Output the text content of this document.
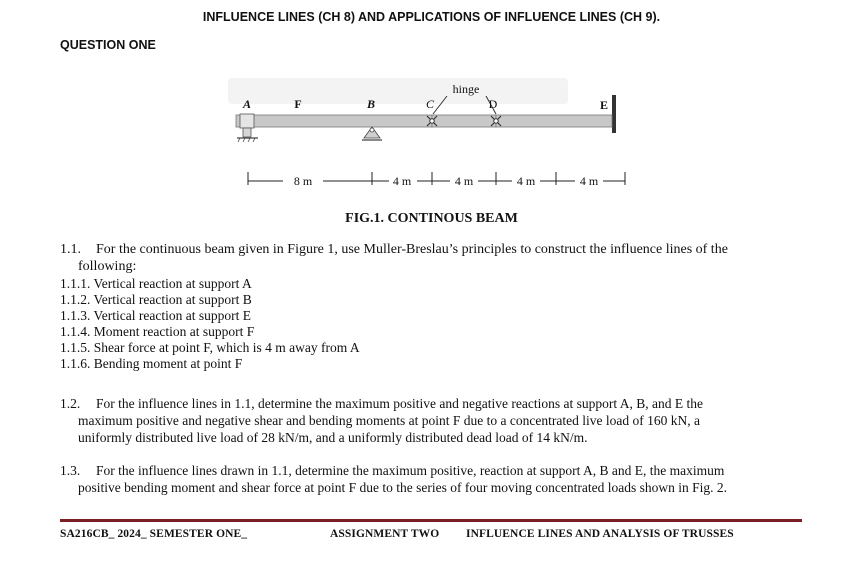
INFLUENCE LINES (CH 8) AND APPLICATIONS OF INFLUENCE LINES (CH 9).
QUESTION ONE
A	F	B	C
hinge
D	E
8 m	4 m	4 m	4 m	4 m
FIG.1. CONTINOUS BEAM
1.1. For the continuous beam given in Figure 1, use Muller-Breslau’s principles to construct the influence lines of the
following:
1.1.1. Vertical reaction at support A
1.1.2. Vertical reaction at support B
1.1.3. Vertical reaction at support E
1.1.4. Moment reaction at support F
1.1.5. Shear force at point F, which is 4 m away from A
1.1.6. Bending moment at point F
1.2. For the influence lines in 1.1, determine the maximum positive and negative reactions at support A, B, and E the
maximum positive and negative shear and bending moments at point F due to a concentrated live load of 160 kN, a
uniformly distributed live load of 28 kN/m, and a uniformly distributed dead load of 14 kN/m.
1.3. For the influence lines drawn in 1.1, determine the maximum positive, reaction at support A, B and E, the maximum
positive bending moment and shear force at point F due to the series of four moving concentrated loads shown in Fig. 2.
SA216CB_ 2024_ SEMESTER ONE_	ASSIGNMENT TWO INFLUENCE LINES AND ANALYSIS OF TRUSSES
